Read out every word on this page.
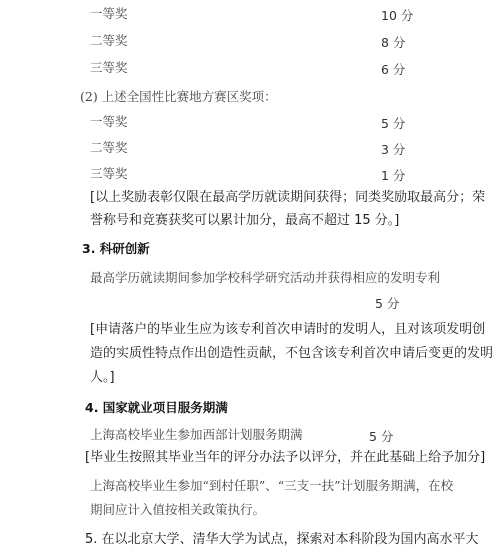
一等奖	10 分
二等奖	8 分
三等奖	6 分
(2) 上述全国性比赛地方赛区奖项：
一等奖	5 分
二等奖	3 分
三等奖	1 分
[以上奖励表彰仅限在最高学历就读期间获得；同类奖励取最高分；荣
誉称号和竞赛获奖可以累计加分，最高不超过 15 分。]
3. 科研创新
最高学历就读期间参加学校科学研究活动并获得相应的发明专利
5 分
[申请落户的毕业生应为该专利首次申请时的发明人，且对该项发明创
造的实质性特点作出创造性贡献，不包含该专利首次申请后变更的发明
人。]
4. 国家就业项目服务期满
上海高校毕业生参加西部计划服务期满	5 分
[毕业生按照其毕业当年的评分办法予以评分，并在此基础上给予加分]
上海高校毕业生参加“到村任职”、“三支一扶”计划服务期满，在校
期间应计入值按相关政策执行。
5. 在以北京大学、清华大学为试点，探索对本科阶段为国内高水平大
